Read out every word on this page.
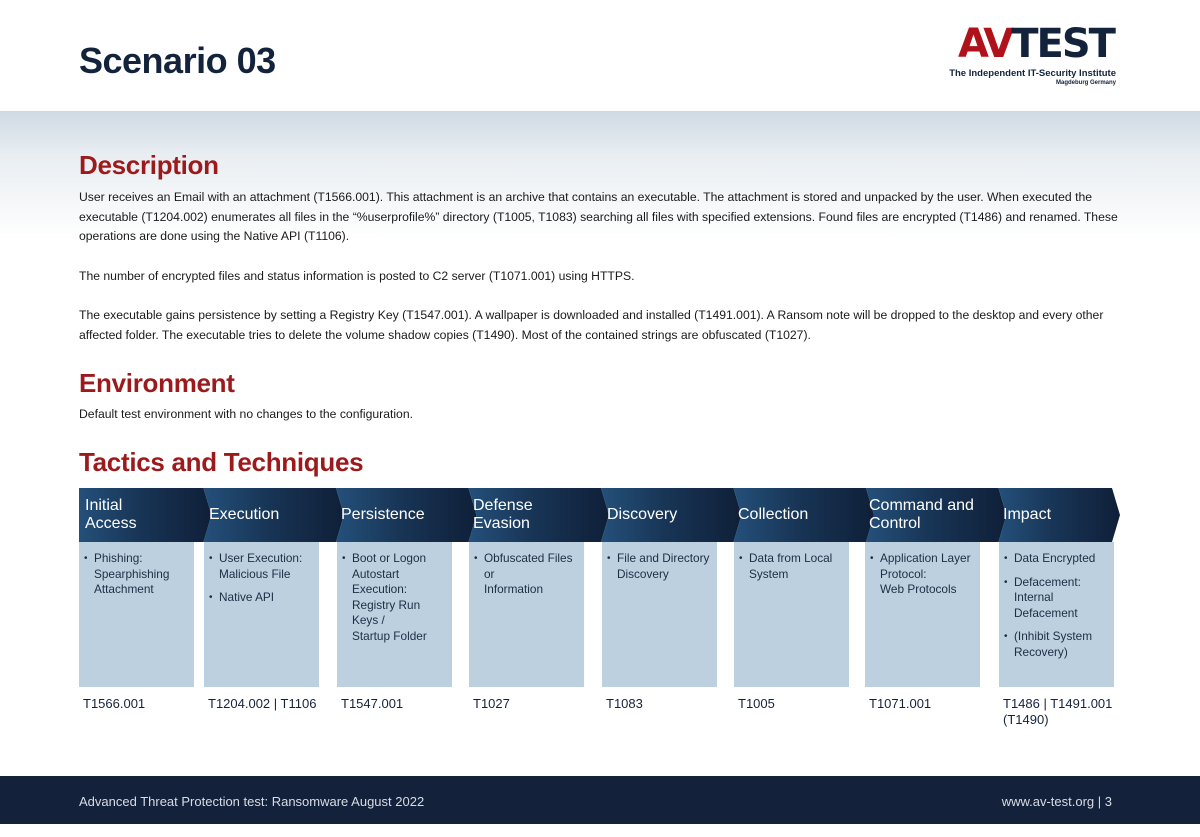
Scenario 03	AV TEST
The Independent IT-Security Institute
Magdeburg Germany
Description
User receives an Email with an attachment (T1566.001). This attachment is an archive that contains an executable. The attachment is stored and unpacked by the user. When executed the executable (T1204.002) enumerates all files in the “%userprofile%” directory (T1005, T1083) searching all files with specified extensions. Found files are encrypted (T1486) and renamed. These operations are done using the Native API (T1106).
The number of encrypted files and status information is posted to C2 server (T1071.001) using HTTPS.
The executable gains persistence by setting a Registry Key (T1547.001). A wallpaper is downloaded and installed (T1491.001). A Ransom note will be dropped to the desktop and every other affected folder. The executable tries to delete the volume shadow copies (T1490). Most of the contained strings are obfuscated (T1027).
Environment
Default test environment with no changes to the configuration.
Tactics and Techniques
Initial
Access
• Phishing:
Spearphishing
Attachment
T1566.001
Execution
• User Execution:
Malicious File
• Native API
T1204.002 | T1106
Persistence
• Boot or Logon
Autostart Execution:
Registry Run Keys /
Startup Folder
T1547.001
Defense
Evasion
• Obfuscated Files or
Information
T1027
Discovery
• File and Directory
Discovery
T1083
Collection
• Data from Local
System
T1005
Command and
Control
• Application Layer
Protocol:
Web Protocols
T1071.001
Impact
• Data Encrypted
• Defacement:
Internal
Defacement
• (Inhibit System
Recovery)
T1486 | T1491.001
(T1490)
Advanced Threat Protection test: Ransomware August 2022	www.av-test.org | 3
